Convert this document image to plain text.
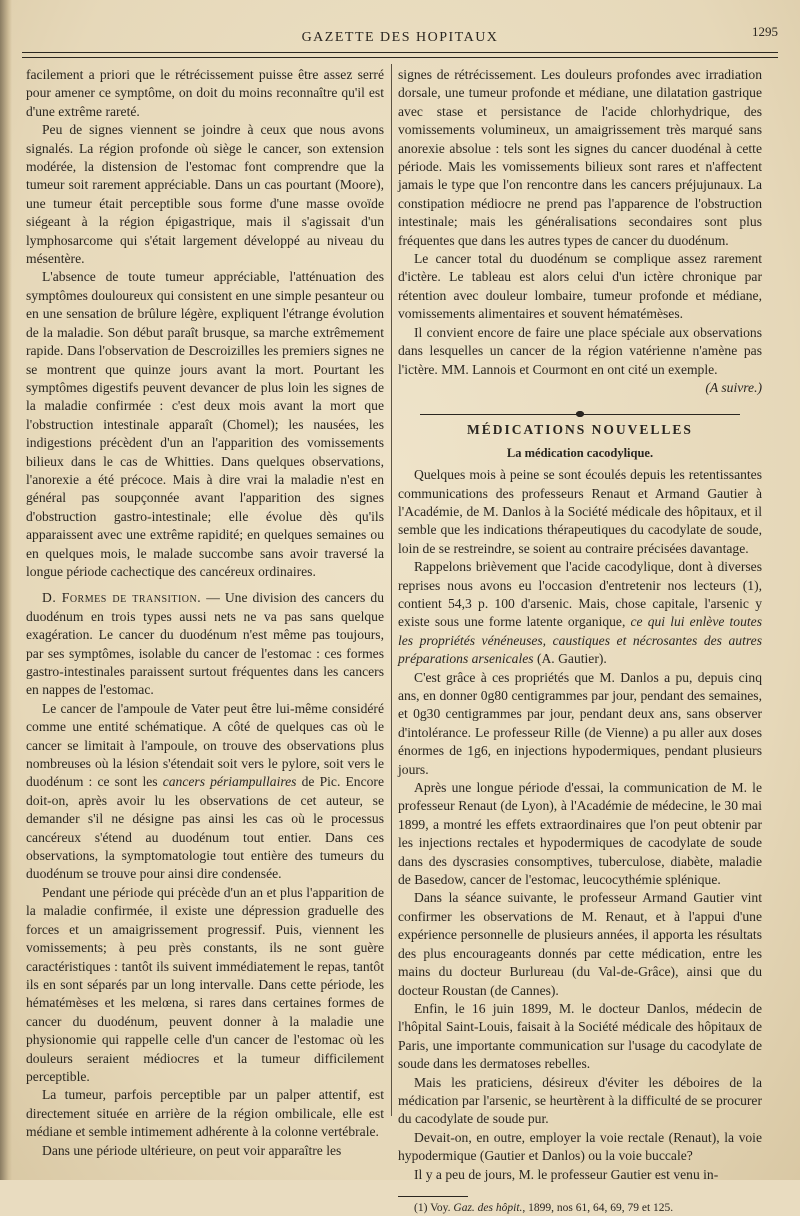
GAZETTE DES HOPITAUX	1295

facilement a priori que le rétrécissement puisse être assez serré pour amener ce symptôme, on doit du moins reconnaître qu'il est d'une extrême rareté.

Peu de signes viennent se joindre à ceux que nous avons signalés. La région profonde où siège le cancer, son extension modérée, la distension de l'estomac font comprendre que la tumeur soit rarement appréciable. Dans un cas pourtant (Moore), une tumeur était perceptible sous forme d'une masse ovoïde siégeant à la région épigastrique, mais il s'agissait d'un lymphosarcome qui s'était largement développé au niveau du mésentère.

L'absence de toute tumeur appréciable, l'atténuation des symptômes douloureux qui consistent en une simple pesanteur ou en une sensation de brûlure légère, expliquent l'étrange évolution de la maladie. Son début paraît brusque, sa marche extrêmement rapide. Dans l'observation de Descroizilles les premiers signes ne se montrent que quinze jours avant la mort. Pourtant les symptômes digestifs peuvent devancer de plus loin les signes de la maladie confirmée : c'est deux mois avant la mort que l'obstruction intestinale apparaît (Chomel); les nausées, les indigestions précèdent d'un an l'apparition des vomissements bilieux dans le cas de Whitties. Dans quelques observations, l'anorexie a été précoce. Mais à dire vrai la maladie n'est en général pas soupçonnée avant l'apparition des signes d'obstruction gastro-intestinale; elle évolue dès qu'ils apparaissent avec une extrême rapidité; en quelques semaines ou en quelques mois, le malade succombe sans avoir traversé la longue période cachectique des cancéreux ordinaires.

D. Formes de transition. — Une division des cancers du duodénum en trois types aussi nets ne va pas sans quelque exagération. Le cancer du duodénum n'est même pas toujours, par ses symptômes, isolable du cancer de l'estomac : ces formes gastro-intestinales paraissent surtout fréquentes dans les cancers en nappes de l'estomac.

Le cancer de l'ampoule de Vater peut être lui-même considéré comme une entité schématique. A côté de quelques cas où le cancer se limitait à l'ampoule, on trouve des observations plus nombreuses où la lésion s'étendait soit vers le pylore, soit vers le duodénum : ce sont les cancers périampullaires de Pic. Encore doit-on, après avoir lu les observations de cet auteur, se demander s'il ne désigne pas ainsi les cas où le processus cancéreux s'étend au duodénum tout entier. Dans ces observations, la symptomatologie tout entière des tumeurs du duodénum se trouve pour ainsi dire condensée.

Pendant une période qui précède d'un an et plus l'apparition de la maladie confirmée, il existe une dépression graduelle des forces et un amaigrissement progressif. Puis, viennent les vomissements; à peu près constants, ils ne sont guère caractéristiques : tantôt ils suivent immédiatement le repas, tantôt ils en sont séparés par un long intervalle. Dans cette période, les hématémèses et les melœna, si rares dans certaines formes de cancer du duodénum, peuvent donner à la maladie une physionomie qui rappelle celle d'un cancer de l'estomac où les douleurs seraient médiocres et la tumeur difficilement perceptible.

La tumeur, parfois perceptible par un palper attentif, est directement située en arrière de la région ombilicale, elle est médiane et semble intimement adhérente à la colonne vertébrale.

Dans une période ultérieure, on peut voir apparaître les

signes de rétrécissement. Les douleurs profondes avec irradiation dorsale, une tumeur profonde et médiane, une dilatation gastrique avec stase et persistance de l'acide chlorhydrique, des vomissements volumineux, un amaigrissement très marqué sans anorexie absolue : tels sont les signes du cancer duodénal à cette période. Mais les vomissements bilieux sont rares et n'affectent jamais le type que l'on rencontre dans les cancers préjujunaux. La constipation médiocre ne prend pas l'apparence de l'obstruction intestinale; mais les généralisations secondaires sont plus fréquentes que dans les autres types de cancer du duodénum.

Le cancer total du duodénum se complique assez rarement d'ictère. Le tableau est alors celui d'un ictère chronique par rétention avec douleur lombaire, tumeur profonde et médiane, vomissements alimentaires et souvent hématémèses.

Il convient encore de faire une place spéciale aux observations dans lesquelles un cancer de la région vatérienne n'amène pas l'ictère. MM. Lannois et Courmont en ont cité un exemple.

(A suivre.)
MÉDICATIONS NOUVELLES
La médication cacodylique.

Quelques mois à peine se sont écoulés depuis les retentissantes communications des professeurs Renaut et Armand Gautier à l'Académie, de M. Danlos à la Société médicale des hôpitaux, et il semble que les indications thérapeutiques du cacodylate de soude, loin de se restreindre, se soient au contraire précisées davantage.

Rappelons brièvement que l'acide cacodylique, dont à diverses reprises nous avons eu l'occasion d'entretenir nos lecteurs (1), contient 54,3 p. 100 d'arsenic. Mais, chose capitale, l'arsenic y existe sous une forme latente organique, ce qui lui enlève toutes les propriétés vénéneuses, caustiques et nécrosantes des autres préparations arsenicales (A. Gautier).

C'est grâce à ces propriétés que M. Danlos a pu, depuis cinq ans, en donner 0g80 centigrammes par jour, pendant des semaines, et 0g30 centigrammes par jour, pendant deux ans, sans observer d'intolérance. Le professeur Rille (de Vienne) a pu aller aux doses énormes de 1g6, en injections hypodermiques, pendant plusieurs jours.

Après une longue période d'essai, la communication de M. le professeur Renaut (de Lyon), à l'Académie de médecine, le 30 mai 1899, a montré les effets extraordinaires que l'on peut obtenir par les injections rectales et hypodermiques de cacodylate de soude dans des dyscrasies consomptives, tuberculose, diabète, maladie de Basedow, cancer de l'estomac, leucocythémie splénique.

Dans la séance suivante, le professeur Armand Gautier vint confirmer les observations de M. Renaut, et à l'appui d'une expérience personnelle de plusieurs années, il apporta les résultats des plus encourageants donnés par cette médication, entre les mains du docteur Burlureau (du Val-de-Grâce), ainsi que du docteur Roustan (de Cannes).

Enfin, le 16 juin 1899, M. le docteur Danlos, médecin de l'hôpital Saint-Louis, faisait à la Société médicale des hôpitaux de Paris, une importante communication sur l'usage du cacodylate de soude dans les dermatoses rebelles.

Mais les praticiens, désireux d'éviter les déboires de la médication par l'arsenic, se heurtèrent à la difficulté de se procurer du cacodylate de soude pur.

Devait-on, en outre, employer la voie rectale (Renaut), la voie hypodermique (Gautier et Danlos) ou la voie buccale?

Il y a peu de jours, M. le professeur Gautier est venu in-

(1) Voy. Gaz. des hôpit., 1899, nos 61, 64, 69, 79 et 125.
